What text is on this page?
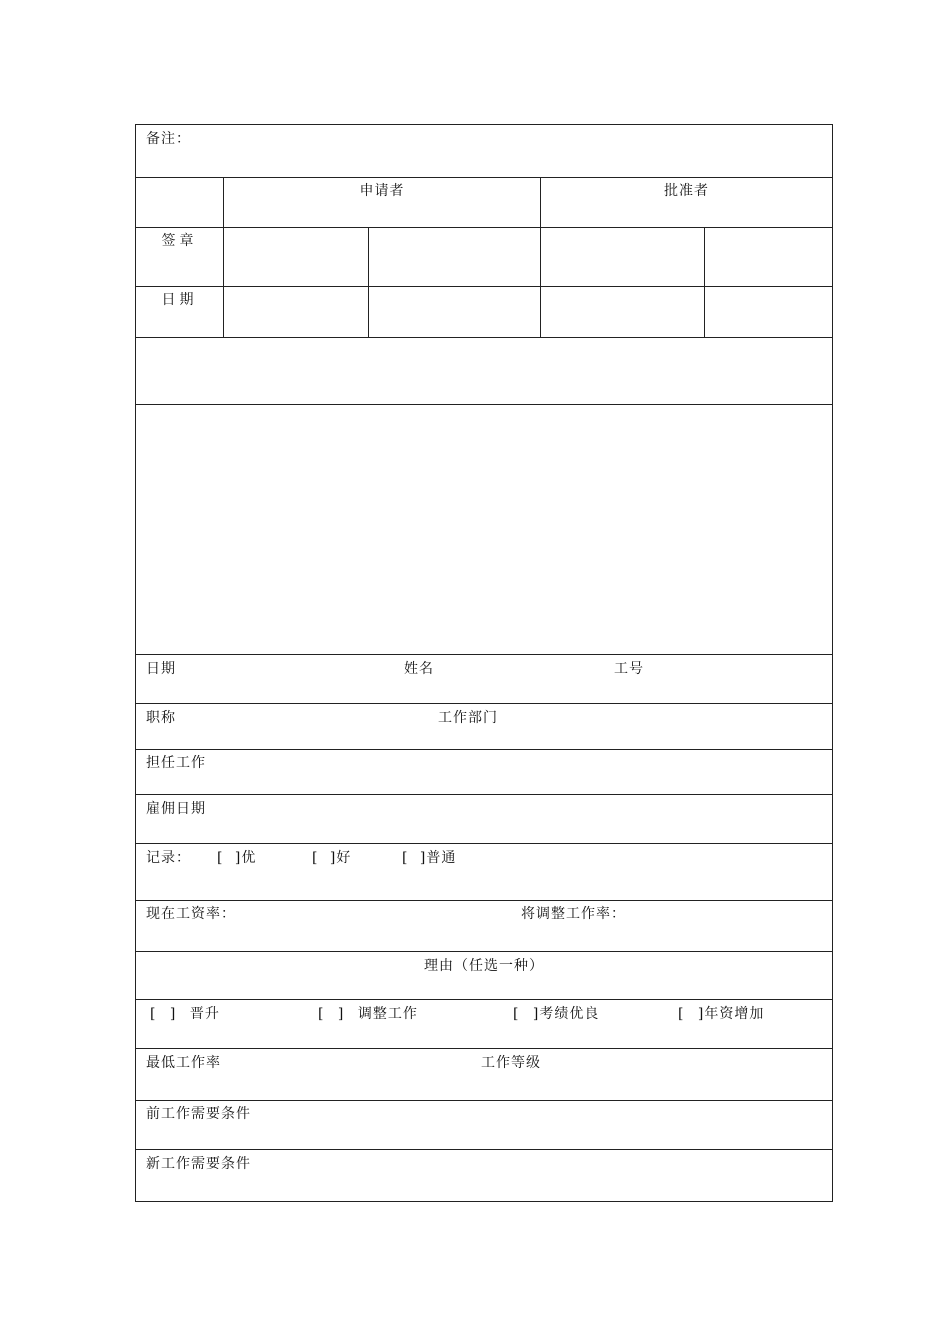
备注：
申请者	批准者
签章
日期
日期	姓名	工号
职称	工作部门
担任工作
雇佣日期
记录： [ ]优	[ ]好	[ ]普通
现在工资率：	将调整工作率：
理由（任选一种）
[ ] 晋升	[ ] 调整工作	[ ]考绩优良	[ ]年资增加
最低工作率	工作等级
前工作需要条件
新工作需要条件
